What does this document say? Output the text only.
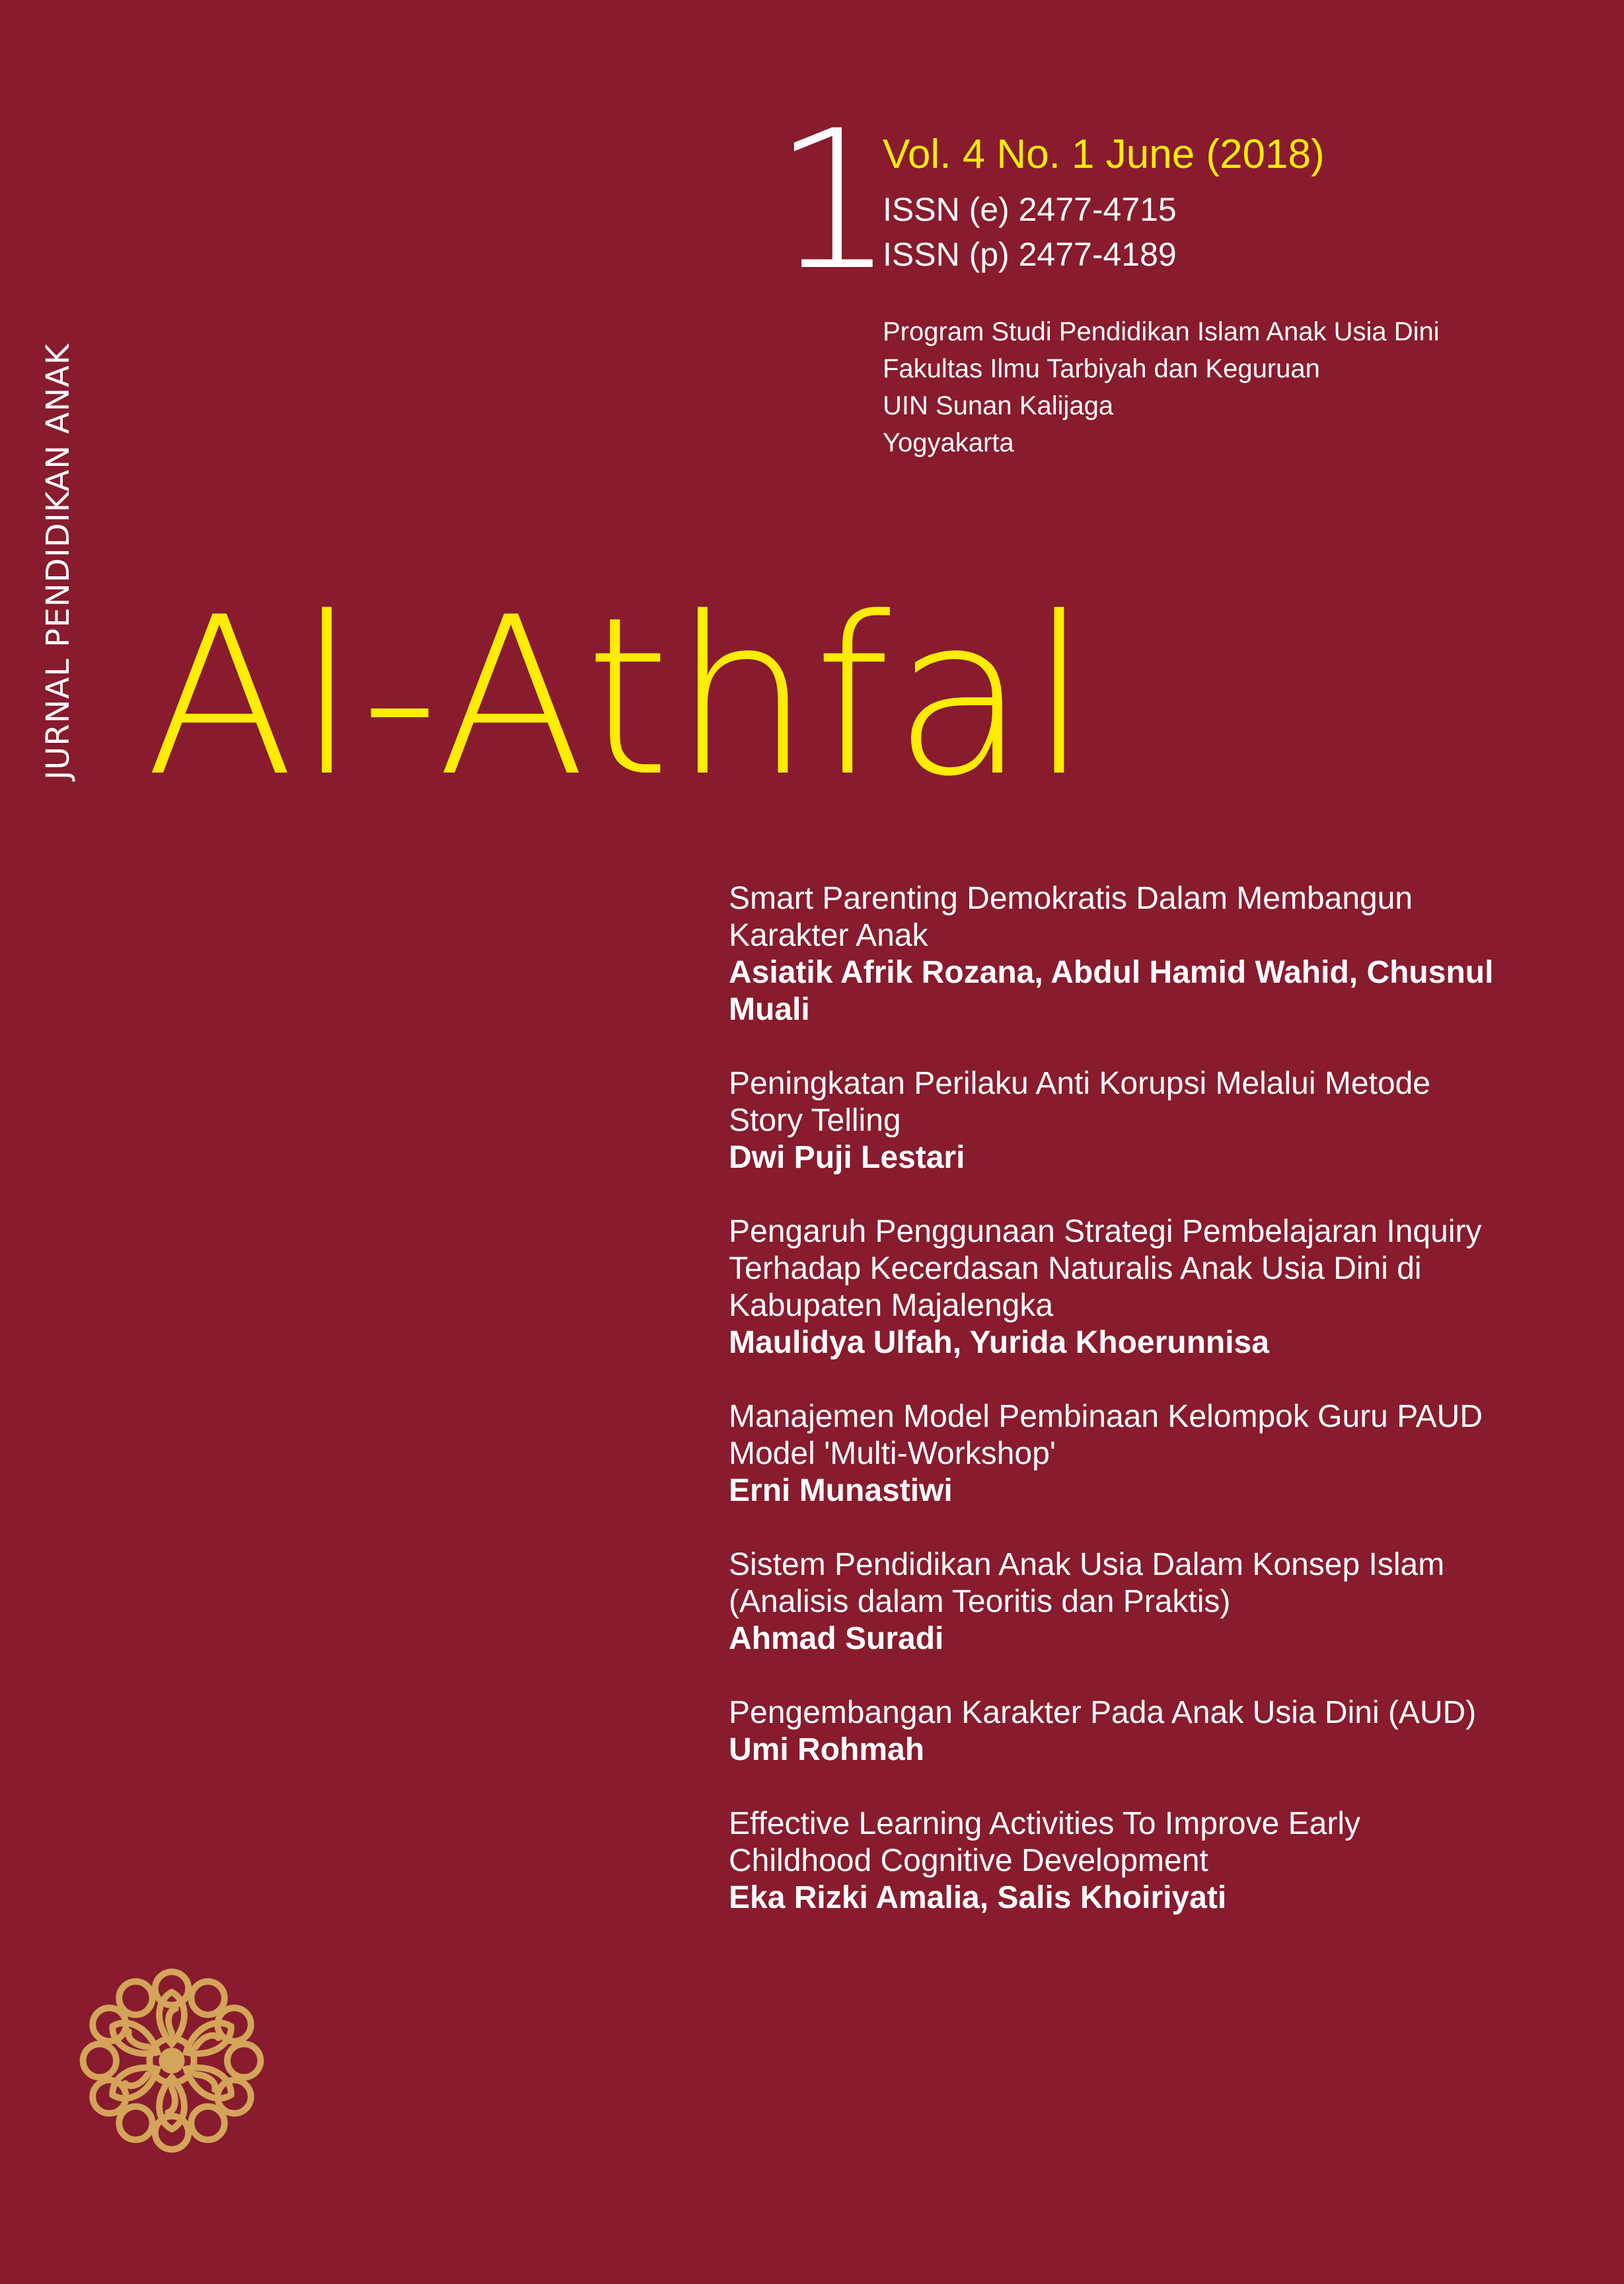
JURNAL PENDIDIKAN ANAK
1
Vol. 4 No. 1 June (2018)
ISSN (e) 2477-4715
ISSN (p) 2477-4189
Program Studi Pendidikan Islam Anak Usia Dini
Fakultas Ilmu Tarbiyah dan Keguruan
UIN Sunan Kalijaga
Yogyakarta
Al-Athfal
Smart Parenting Demokratis Dalam Membangun
Karakter Anak
Asiatik Afrik Rozana, Abdul Hamid Wahid, Chusnul
Muali
Peningkatan Perilaku Anti Korupsi Melalui Metode
Story Telling
Dwi Puji Lestari
Pengaruh Penggunaan Strategi Pembelajaran Inquiry
Terhadap Kecerdasan Naturalis Anak Usia Dini di
Kabupaten Majalengka
Maulidya Ulfah, Yurida Khoerunnisa
Manajemen Model Pembinaan Kelompok Guru PAUD
Model 'Multi-Workshop'
Erni Munastiwi
Sistem Pendidikan Anak Usia Dalam Konsep Islam
(Analisis dalam Teoritis dan Praktis)
Ahmad Suradi
Pengembangan Karakter Pada Anak Usia Dini (AUD)
Umi Rohmah
Effective Learning Activities To Improve Early
Childhood Cognitive Development
Eka Rizki Amalia, Salis Khoiriyati
